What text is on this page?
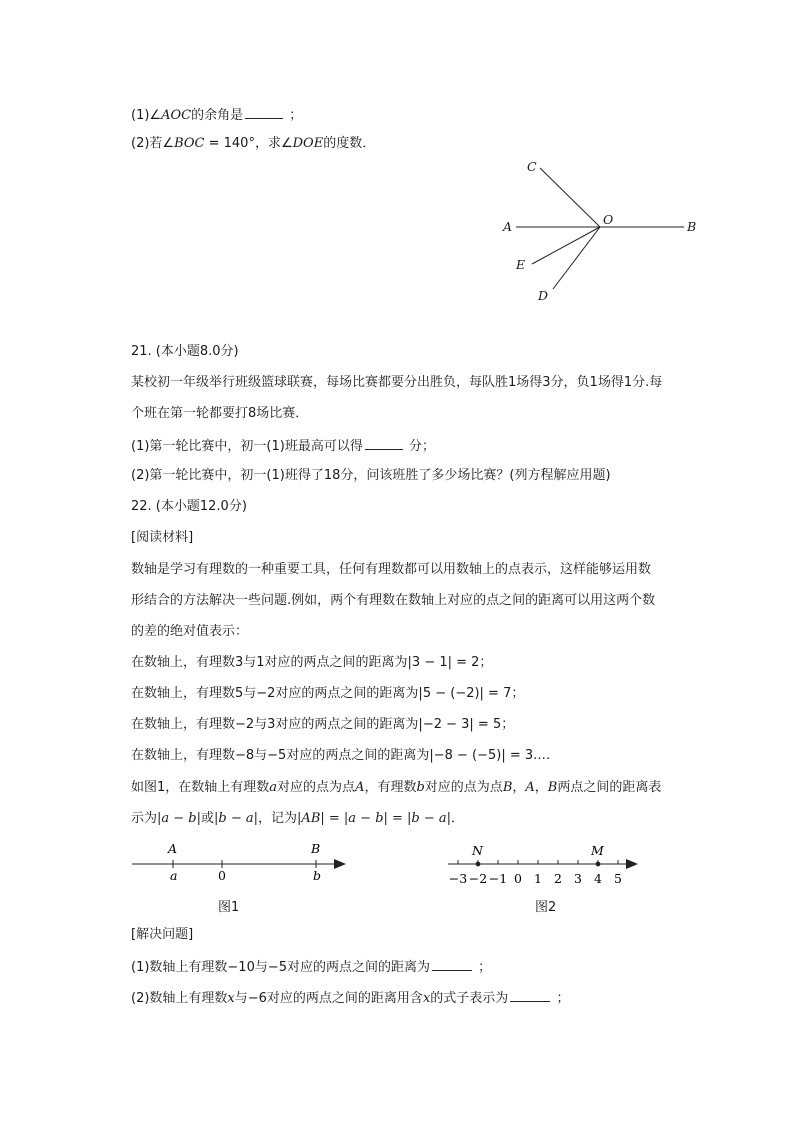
(1)∠AOC的余角是	；
(2)若∠BOC = 140°，求∠DOE的度数．
C
O
A	B
E
D
21. (本小题8.0分)
某校初一年级举行班级篮球联赛，每场比赛都要分出胜负，每队胜1场得3分，负1场得1分.每
个班在第一轮都要打8场比赛．
(1)第一轮比赛中，初一(1)班最高可以得	分；
(2)第一轮比赛中，初一(1)班得了18分，问该班胜了多少场比赛？(列方程解应用题)
22. (本小题12.0分)
[阅读材料]
数轴是学习有理数的一种重要工具，任何有理数都可以用数轴上的点表示，这样能够运用数
形结合的方法解决一些问题.例如，两个有理数在数轴上对应的点之间的距离可以用这两个数
的差的绝对值表示：
在数轴上，有理数3与1对应的两点之间的距离为|3 − 1| = 2；
在数轴上，有理数5与−2对应的两点之间的距离为|5 − (−2)| = 7；
在数轴上，有理数−2与3对应的两点之间的距离为|−2 − 3| = 5；
在数轴上，有理数−8与−5对应的两点之间的距离为|−8 − (−5)| = 3.…
如图1，在数轴上有理数a对应的点为点A，有理数b对应的点为点B，A，B两点之间的距离表
示为|a − b|或|b − a|，记为|AB| = |a − b| = |b − a|．
A
a	0
B
b
图1
−3 −2 −1 0 1 2 3 4 5
N	M
图2
[解决问题]
(1)数轴上有理数−10与−5对应的两点之间的距离为	；
(2)数轴上有理数x与−6对应的两点之间的距离用含x的式子表示为	；
